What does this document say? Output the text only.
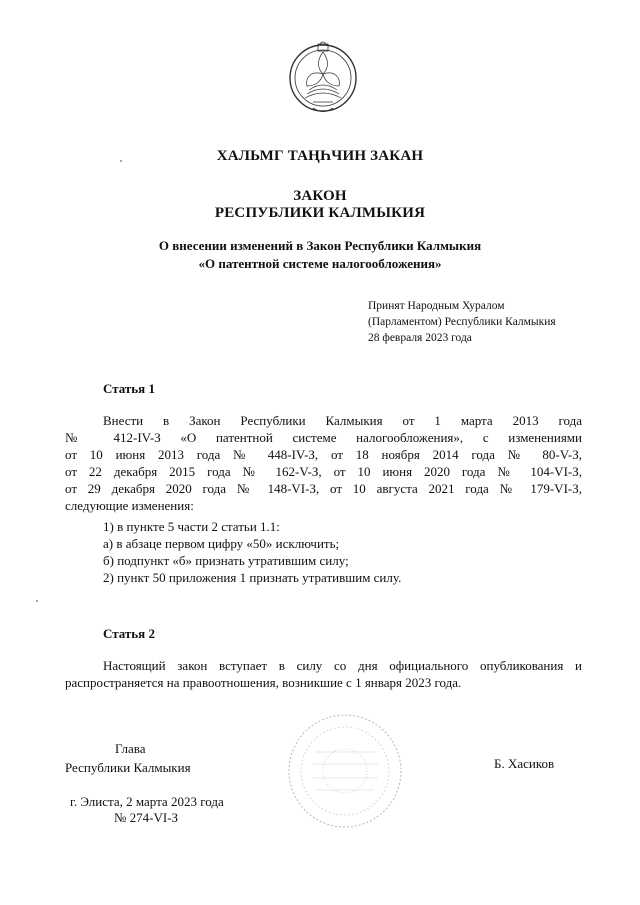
ХАЛЬМГ ТАҢҺЧИН ЗАКАН
ЗАКОН
РЕСПУБЛИКИ КАЛМЫКИЯ
О внесении изменений в Закон Республики Калмыкия
«О патентной системе налогообложения»
Принят Народным Хуралом
(Парламентом) Республики Калмыкия
28 февраля 2023 года
Статья 1
Внести в Закон Республики Калмыкия от 1 марта 2013 года
№ 412-IV-З «О патентной системе налогообложения», с изменениями
от 10 июня 2013 года № 448-IV-З, от 18 ноября 2014 года № 80-V-З,
от 22 декабря 2015 года № 162-V-З, от 10 июня 2020 года № 104-VI-З,
от 29 декабря 2020 года № 148-VI-З, от 10 августа 2021 года № 179-VI-З,
следующие изменения:
1) в пункте 5 части 2 статьи 1.1:
а) в абзаце первом цифру «50» исключить;
б) подпункт «б» признать утратившим силу;
2) пункт 50 приложения 1 признать утратившим силу.
Статья 2
Настоящий закон вступает в силу со дня официального опубликования и
распространяется на правоотношения, возникшие с 1 января 2023 года.
Глава
Республики Калмыкия	Б. Хасиков
г. Элиста, 2 марта 2023 года
№ 274-VI-З
